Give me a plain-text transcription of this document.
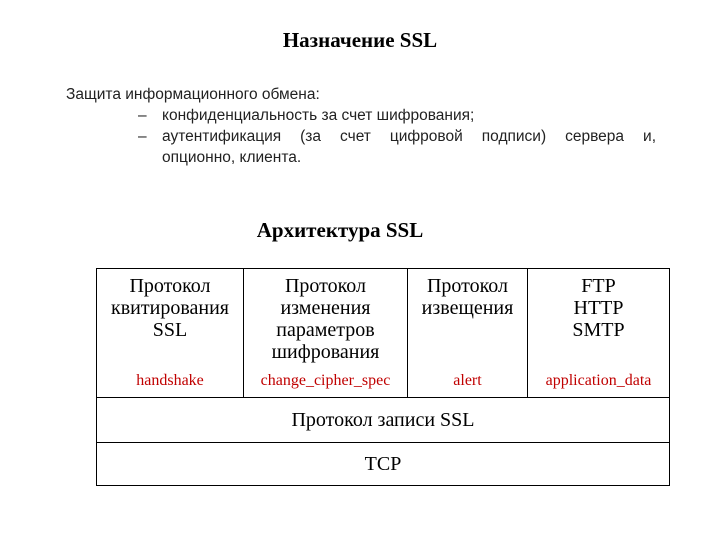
Назначение SSL
Защита информационного обмена:
– конфиденциальность за счет шифрования;
– аутентификация (за счет цифровой подписи) сервера и,
опционно, клиента.
Архитектура SSL
Протокол
квитирования
SSL
handshake
Протокол
изменения
параметров
шифрования
change_cipher_spec
Протокол
извещения
alert
FTP
HTTP
SMTP
application_data
Протокол записи SSL
TCP
